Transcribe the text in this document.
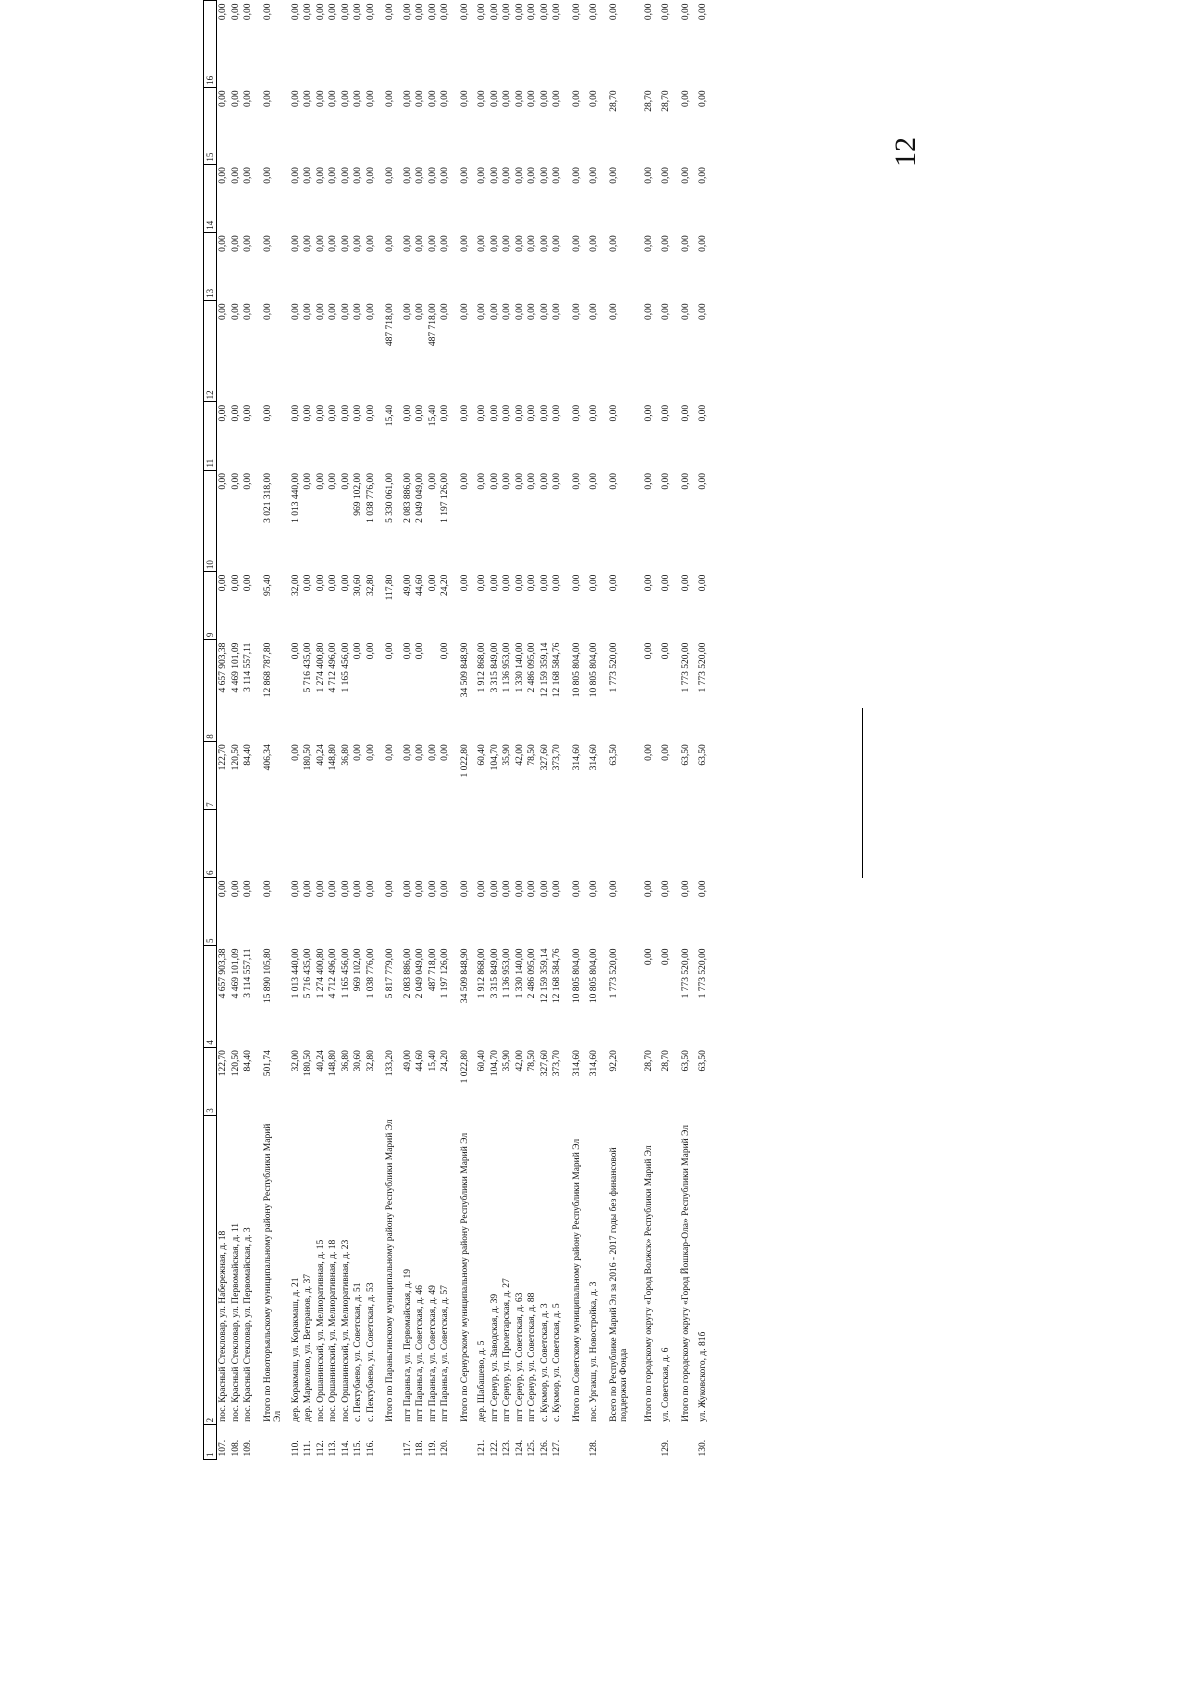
12
1	2	3	4	5	6	7	8	9	10	11	12	13	14	15	16
107.	пос. Красный Стекловар, ул. Набережная, д. 18	122,70	4 657 903,38	0,00		122,70	4 657 903,38	0,00	0,00	0,00	0,00	0,00	0,00	0,00	0,00
108.	пос. Красный Стекловар, ул. Первомайская, д. 11	120,50	4 469 101,09	0,00		120,50	4 469 101,09	0,00	0,00	0,00	0,00	0,00	0,00	0,00	0,00
109.	пос. Красный Стекловар, ул. Первомайская, д. 3	84,40	3 114 557,11	0,00		84,40	3 114 557,11	0,00	0,00	0,00	0,00	0,00	0,00	0,00	0,00
	Итого по Новоторъяльскому муниципальному району Республики Марий Эл	501,74	15 890 105,80	0,00		406,34	12 868 787,80	95,40	3 021 318,00	0,00	0,00	0,00	0,00	0,00	0,00
110.	дер. Коракмаш, ул. Коракмаш, д. 21	32,00	1 013 440,00	0,00		0,00	0,00	32,00	1 013 440,00	0,00	0,00	0,00	0,00	0,00	0,00
111.	дер. Маркелово, ул. Ветеранов, д. 37	180,50	5 716 435,00	0,00		180,50	5 716 435,00	0,00	0,00	0,00	0,00	0,00	0,00	0,00	0,00
112.	пос. Оршанинский, ул. Мелиоративная, д. 15	40,24	1 274 400,80	0,00		40,24	1 274 400,80	0,00	0,00	0,00	0,00	0,00	0,00	0,00	0,00
113.	пос. Оршанинский, ул. Мелиоративная, д. 18	148,80	4 712 496,00	0,00		148,80	4 712 496,00	0,00	0,00	0,00	0,00	0,00	0,00	0,00	0,00
114.	пос. Оршанинский, ул. Мелиоративная, д. 23	36,80	1 165 456,00	0,00		36,80	1 165 456,00	0,00	0,00	0,00	0,00	0,00	0,00	0,00	0,00
115.	с. Пектубаево, ул. Советская, д. 51	30,60	969 102,00	0,00		0,00	0,00	30,60	969 102,00	0,00	0,00	0,00	0,00	0,00	0,00
116.	с. Пектубаево, ул. Советская, д. 53	32,80	1 038 776,00	0,00		0,00	0,00	32,80	1 038 776,00	0,00	0,00	0,00	0,00	0,00	0,00
	Итого по Параньгинскому муниципальному району Республики Марий Эл	133,20	5 817 779,00	0,00		0,00	0,00	117,80	5 330 061,00	15,40	487 718,00	0,00	0,00	0,00	0,00
117.	пгт Параньга, ул. Первомайская, д. 19	49,00	2 083 886,00	0,00		0,00	0,00	49,00	2 083 886,00	0,00	0,00	0,00	0,00	0,00	0,00
118.	пгт Параньга, ул. Советская, д. 46	44,60	2 049 049,00	0,00		0,00	0,00	44,60	2 049 049,00	0,00	0,00	0,00	0,00	0,00	0,00
119.	пгт Параньга, ул. Советская, д. 49	15,40	487 718,00	0,00		0,00		0,00	0,00	15,40	487 718,00	0,00	0,00	0,00	0,00
120.	пгт Параньга, ул. Советская, д. 57	24,20	1 197 126,00	0,00		0,00	0,00	24,20	1 197 126,00	0,00	0,00	0,00	0,00	0,00	0,00
	Итого по Сернурскому муниципальному району Республики Марий Эл	1 022,80	34 509 848,90	0,00		1 022,80	34 509 848,90	0,00	0,00	0,00	0,00	0,00	0,00	0,00	0,00
121.	дер. Шабашево, д. 5	60,40	1 912 868,00	0,00		60,40	1 912 868,00	0,00	0,00	0,00	0,00	0,00	0,00	0,00	0,00
122.	пгт Сернур, ул. Заводская, д. 39	104,70	3 315 849,00	0,00		104,70	3 315 849,00	0,00	0,00	0,00	0,00	0,00	0,00	0,00	0,00
123.	пгт Сернур, ул. Пролетарская, д. 27	35,90	1 136 953,00	0,00		35,90	1 136 953,00	0,00	0,00	0,00	0,00	0,00	0,00	0,00	0,00
124.	пгт Сернур, ул. Советская, д. 63	42,00	1 330 140,00	0,00		42,00	1 330 140,00	0,00	0,00	0,00	0,00	0,00	0,00	0,00	0,00
125.	пгт Сернур, ул. Советская, д. 88	78,50	2 486 095,00	0,00		78,50	2 486 095,00	0,00	0,00	0,00	0,00	0,00	0,00	0,00	0,00
126.	с. Кукмор, ул. Советская, д. 3	327,60	12 159 359,14	0,00		327,60	12 159 359,14	0,00	0,00	0,00	0,00	0,00	0,00	0,00	0,00
127.	с. Кукмор, ул. Советская, д. 5	373,70	12 168 584,76	0,00		373,70	12 168 584,76	0,00	0,00	0,00	0,00	0,00	0,00	0,00	0,00
	Итого по Советскому муниципальному району Республики Марий Эл	314,60	10 805 804,00	0,00		314,60	10 805 804,00	0,00	0,00	0,00	0,00	0,00	0,00	0,00	0,00
128.	пос. Ургакш, ул. Новостройка, д. 3	314,60	10 805 804,00	0,00		314,60	10 805 804,00	0,00	0,00	0,00	0,00	0,00	0,00	0,00	0,00
	Всего по Республике Марий Эл за 2016 - 2017 годы без финансовой поддержки Фонда	92,20	1 773 520,00	0,00		63,50	1 773 520,00	0,00	0,00	0,00	0,00	0,00	0,00	28,70	0,00
	Итого по городскому округу «Город Волжск» Республики Марий Эл	28,70	0,00	0,00		0,00	0,00	0,00	0,00	0,00	0,00	0,00	0,00	28,70	0,00
129.	ул. Советская, д. 6	28,70	0,00	0,00		0,00	0,00	0,00	0,00	0,00	0,00	0,00	0,00	28,70	0,00
	Итого по городскому округу «Город Йошкар-Ола» Республики Марий Эл	63,50	1 773 520,00	0,00		63,50	1 773 520,00	0,00	0,00	0,00	0,00	0,00	0,00	0,00	0,00
130.	ул. Жуковского, д. 81б	63,50	1 773 520,00	0,00		63,50	1 773 520,00	0,00	0,00	0,00	0,00	0,00	0,00	0,00	0,00
